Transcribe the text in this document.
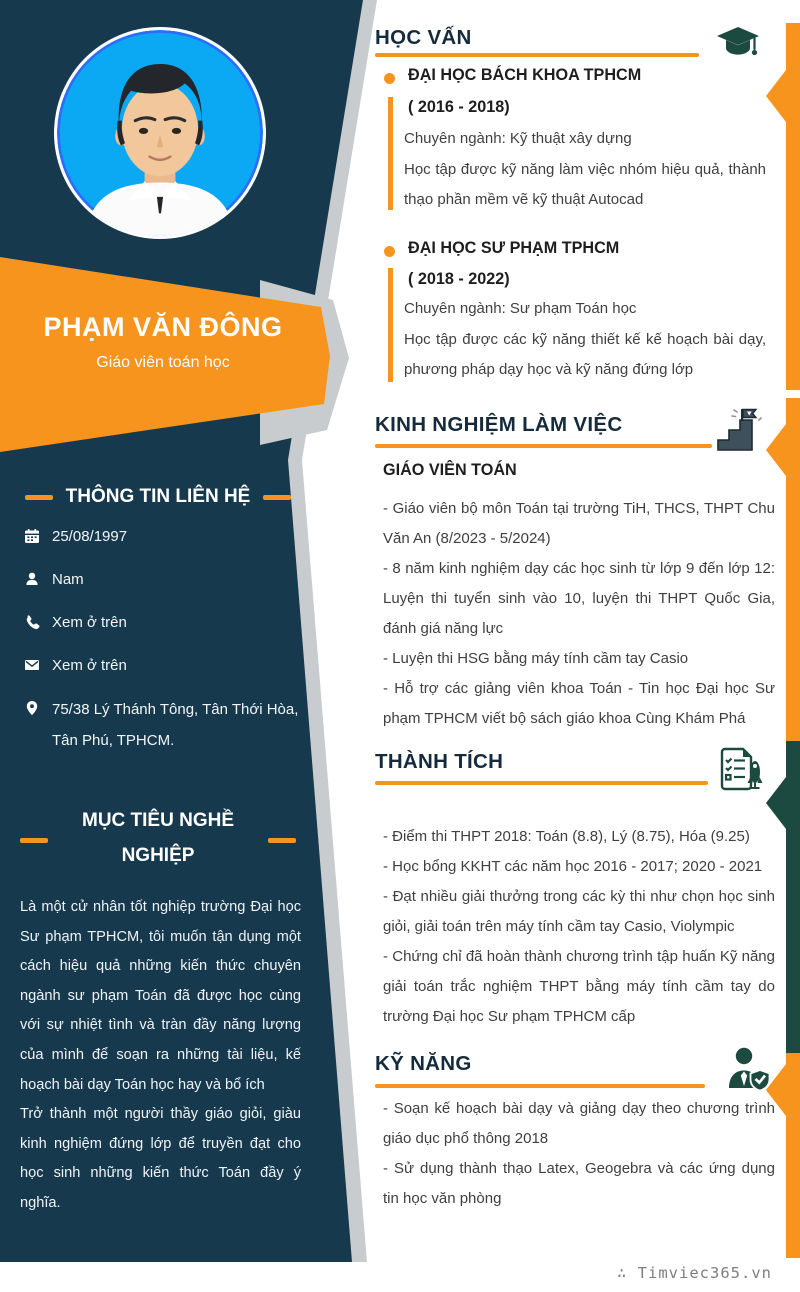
PHẠM VĂN ĐÔNG
Giáo viên toán học
THÔNG TIN LIÊN HỆ
25/08/1997
Nam
Xem ở trên
Xem ở trên
75/38 Lý Thánh Tông, Tân Thới Hòa, Tân Phú, TPHCM.
MỤC TIÊU NGHỀ
NGHIỆP
Là một cử nhân tốt nghiệp trường Đại học Sư phạm TPHCM, tôi muốn tận dụng một cách hiệu quả những kiến thức chuyên ngành sư phạm Toán đã được học cùng với sự nhiệt tình và tràn đầy năng lượng của mình để soạn ra những tài liệu, kế hoạch bài dạy Toán học hay và bổ ích
Trở thành một người thầy giáo giỏi, giàu kinh nghiệm đứng lớp để truyền đạt cho học sinh những kiến thức Toán đầy ý nghĩa.
HỌC VẤN
ĐẠI HỌC BÁCH KHOA TPHCM
( 2016 - 2018)
Chuyên ngành: Kỹ thuật xây dựng
Học tập được kỹ năng làm việc nhóm hiệu quả, thành thạo phần mềm vẽ kỹ thuật Autocad
ĐẠI HỌC SƯ PHẠM TPHCM
( 2018 - 2022)
Chuyên ngành: Sư phạm Toán học
Học tập được các kỹ năng thiết kế kế hoạch bài dạy, phương pháp dạy học và kỹ năng đứng lớp
KINH NGHIỆM LÀM VIỆC
GIÁO VIÊN TOÁN
- Giáo viên bộ môn Toán tại trường TiH, THCS, THPT Chu Văn An (8/2023 - 5/2024)
- 8 năm kinh nghiệm dạy các học sinh từ lớp 9 đến lớp 12: Luyện thi tuyển sinh vào 10, luyện thi THPT Quốc Gia, đánh giá năng lực
- Luyện thi HSG bằng máy tính cầm tay Casio
- Hỗ trợ các giảng viên khoa Toán - Tin học Đại học Sư phạm TPHCM viết bộ sách giáo khoa Cùng Khám Phá
THÀNH TÍCH
- Điểm thi THPT 2018: Toán (8.8), Lý (8.75), Hóa (9.25)
- Học bổng KKHT các năm học 2016 - 2017; 2020 - 2021
- Đạt nhiều giải thưởng trong các kỳ thi như chọn học sinh giỏi, giải toán trên máy tính cầm tay Casio, Violympic
- Chứng chỉ đã hoàn thành chương trình tập huấn Kỹ năng giải toán trắc nghiệm THPT bằng máy tính cầm tay do trường Đại học Sư phạm TPHCM cấp
KỸ NĂNG
- Soạn kế hoạch bài dạy và giảng dạy theo chương trình giáo dục phổ thông 2018
- Sử dụng thành thạo Latex, Geogebra và các ứng dụng tin học văn phòng
∴ Timviec365.vn
